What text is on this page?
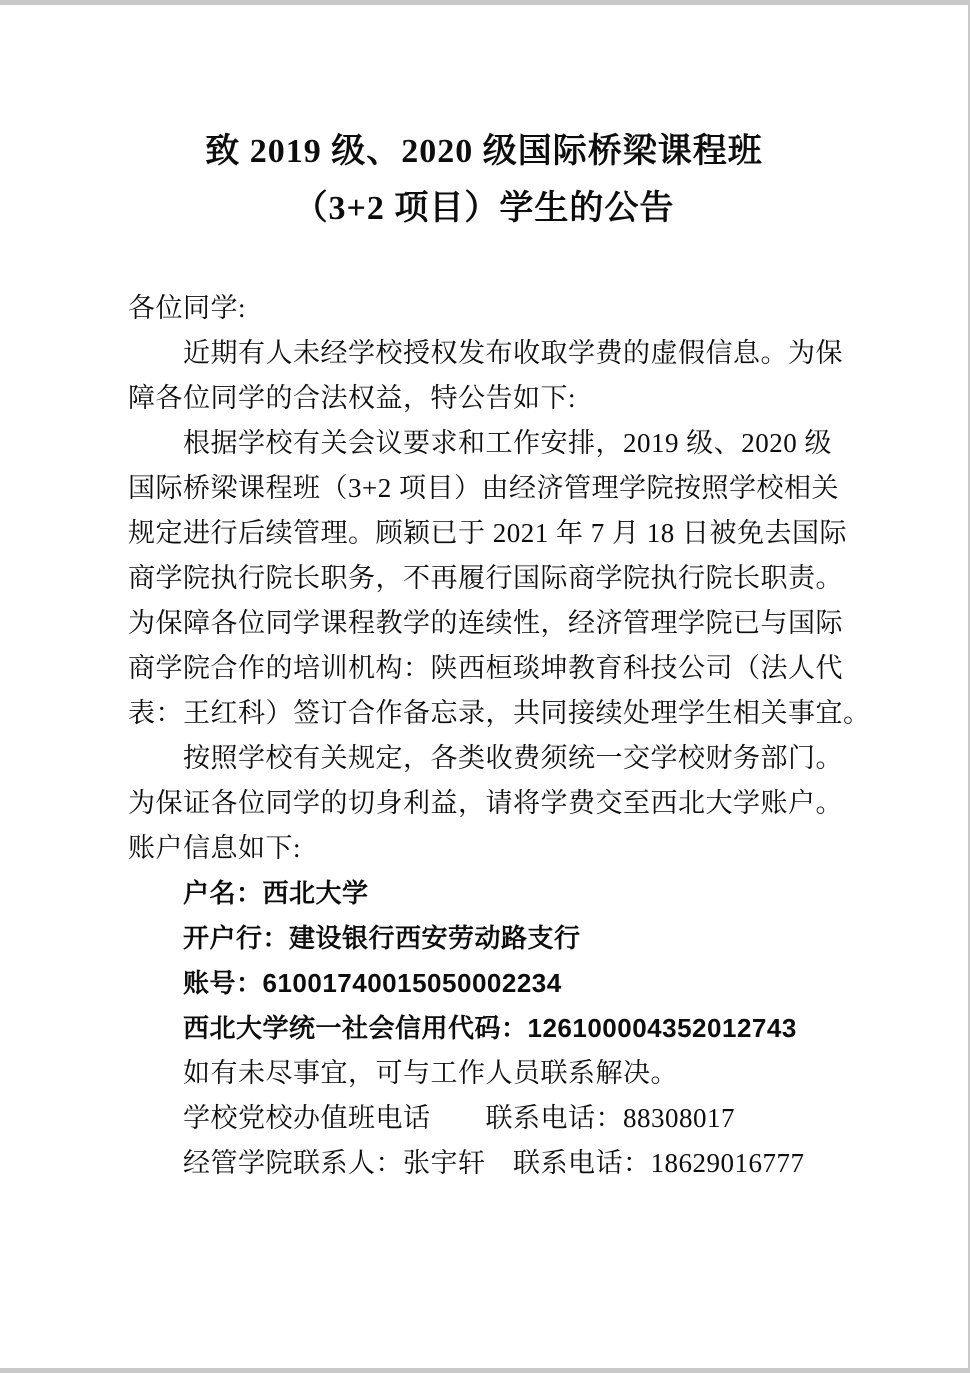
致 2019 级、2020 级国际桥梁课程班
（3+2 项目）学生的公告

各位同学:

近期有人未经学校授权发布收取学费的虚假信息。为保

障各位同学的合法权益，特公告如下:

根据学校有关会议要求和工作安排，2019 级、2020 级

国际桥梁课程班（3+2 项目）由经济管理学院按照学校相关

规定进行后续管理。顾颖已于 2021 年 7 月 18 日被免去国际

商学院执行院长职务，不再履行国际商学院执行院长职责。

为保障各位同学课程教学的连续性，经济管理学院已与国际

商学院合作的培训机构：陕西桓琰坤教育科技公司（法人代

表：王红科）签订合作备忘录，共同接续处理学生相关事宜。

按照学校有关规定，各类收费须统一交学校财务部门。

为保证各位同学的切身利益，请将学费交至西北大学账户。

账户信息如下:

户名：西北大学

开户行：建设银行西安劳动路支行

账号：61001740015050002234

西北大学统一社会信用代码：126100004352012743

如有未尽事宜，可与工作人员联系解决。

学校党校办值班电话　　联系电话：88308017

经管学院联系人：张宇轩　联系电话：18629016777
